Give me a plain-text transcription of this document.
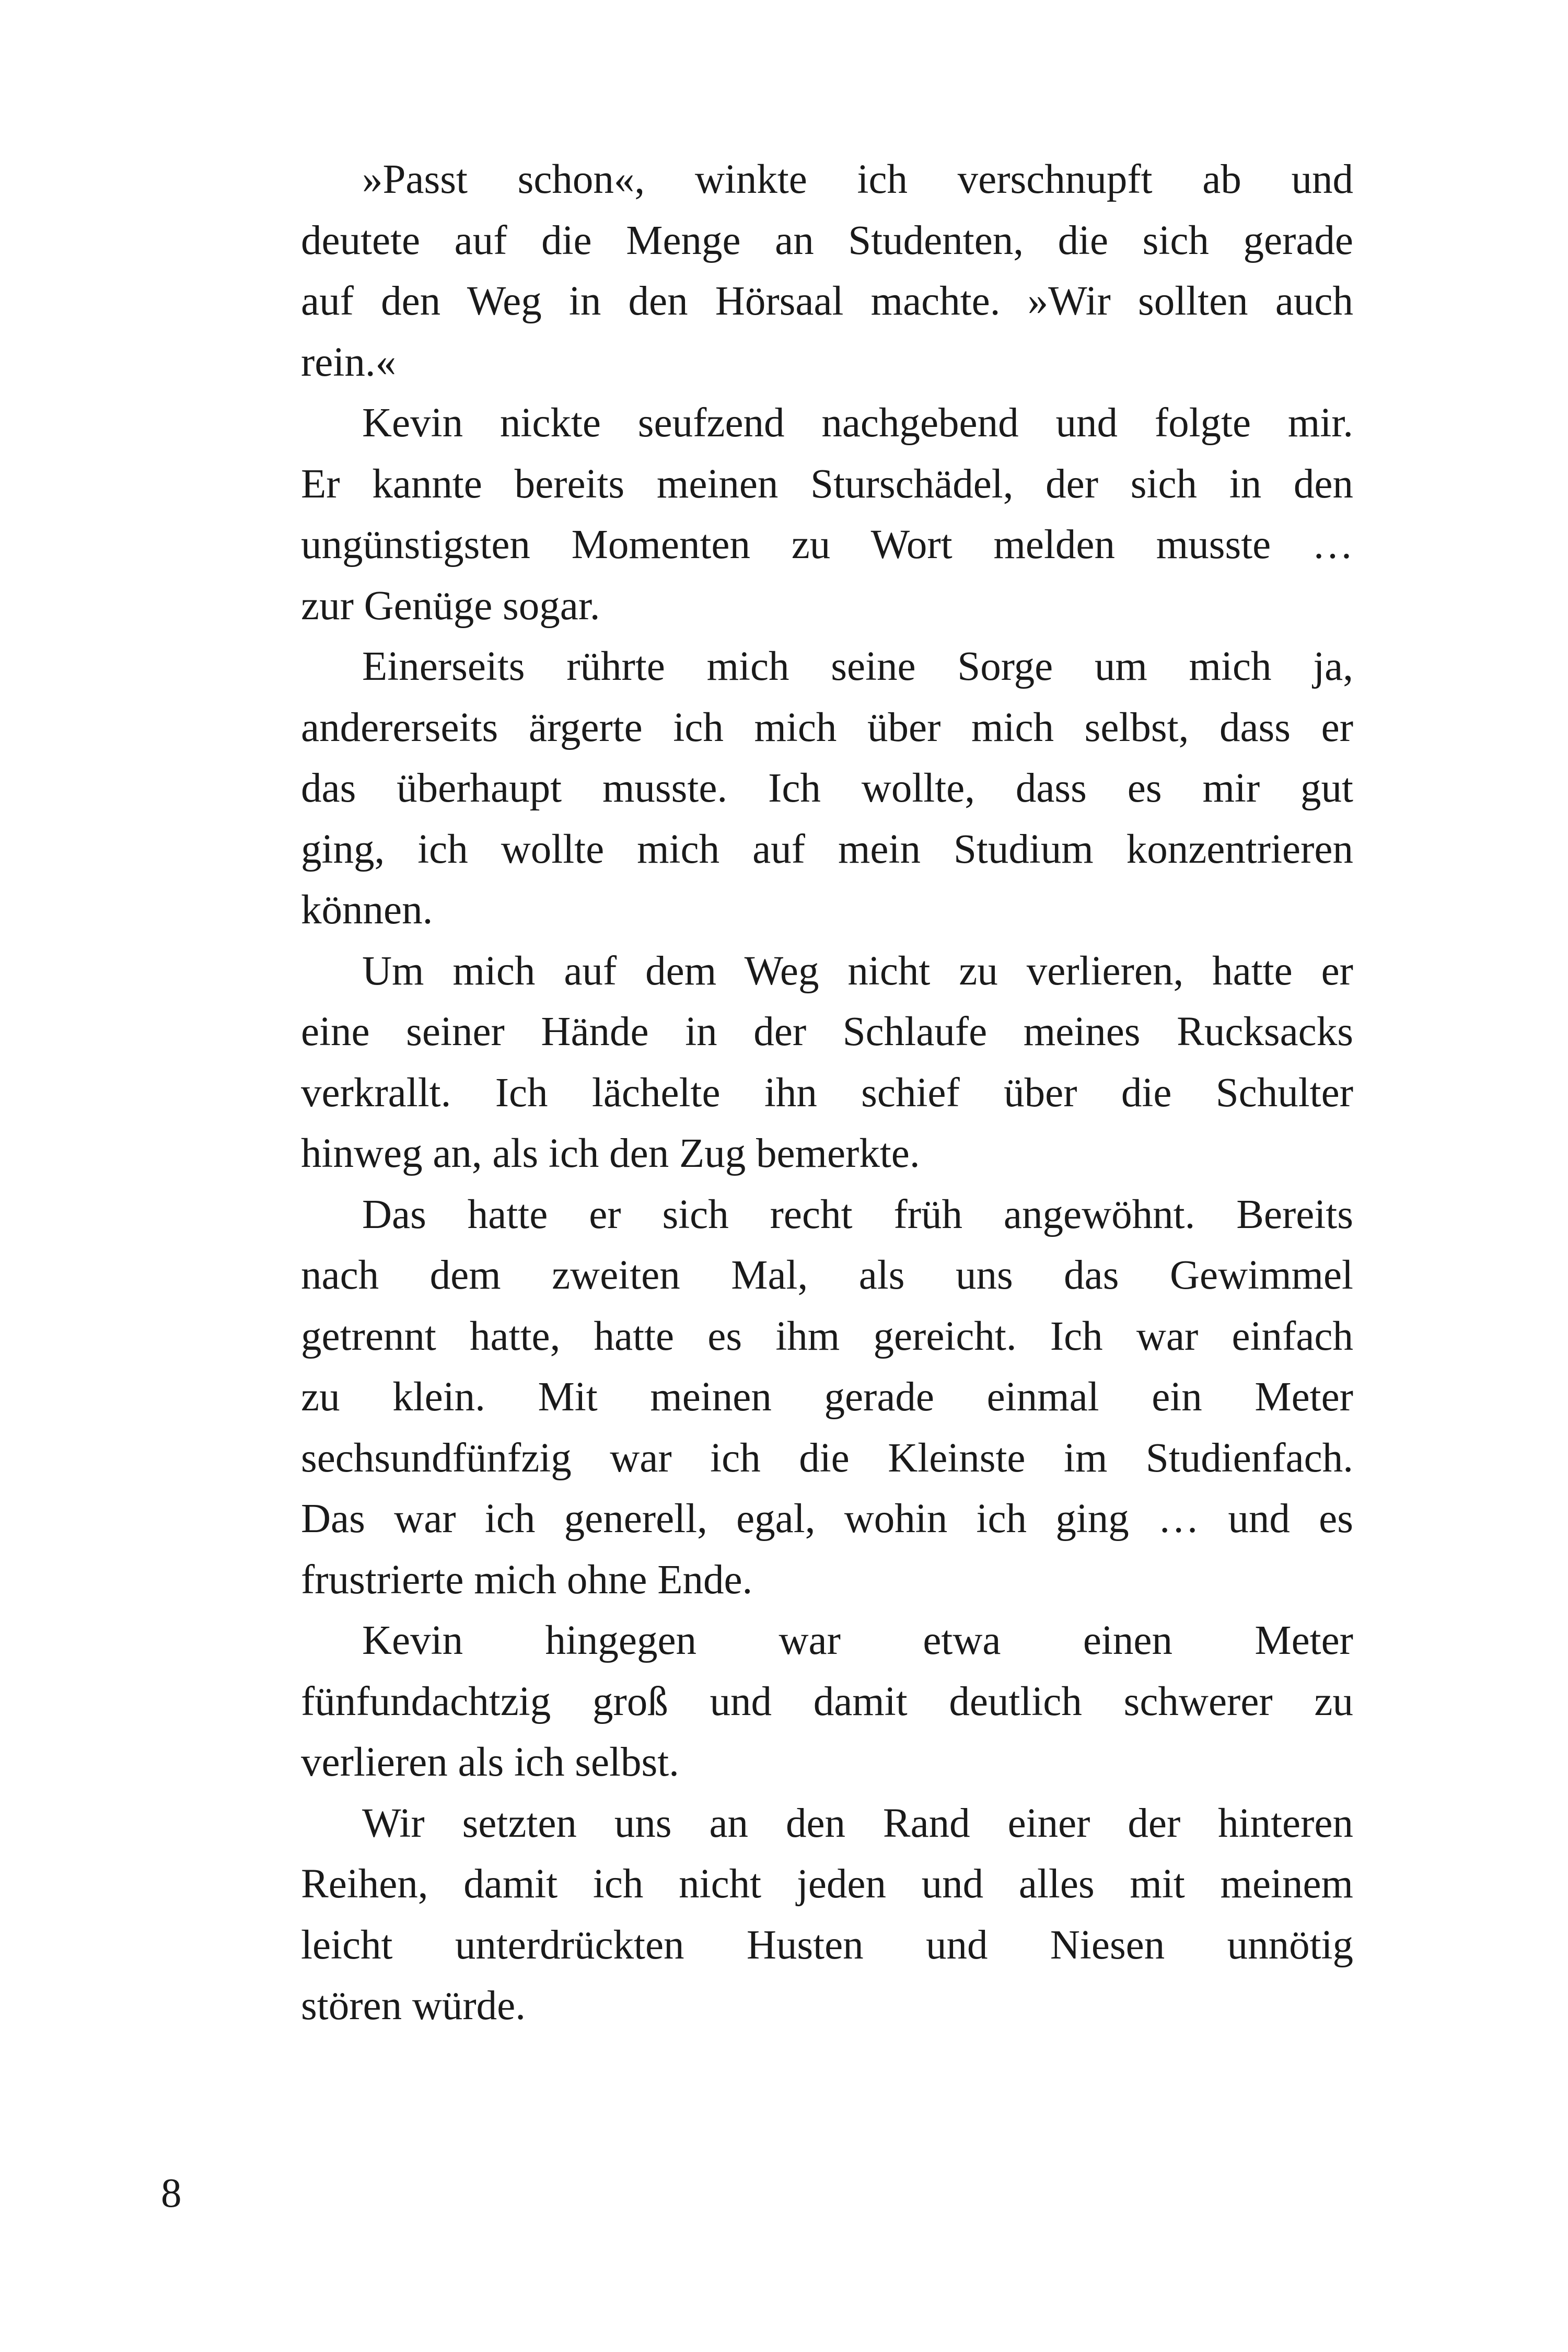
»Passt schon«, winkte ich verschnupft ab und
deutete auf die Menge an Studenten, die sich gerade
auf den Weg in den Hörsaal machte. »Wir sollten auch
rein.«
Kevin nickte seufzend nachgebend und folgte mir.
Er kannte bereits meinen Sturschädel, der sich in den
ungünstigsten Momenten zu Wort melden musste …
zur Genüge sogar.
Einerseits rührte mich seine Sorge um mich ja,
andererseits ärgerte ich mich über mich selbst, dass er
das überhaupt musste. Ich wollte, dass es mir gut
ging, ich wollte mich auf mein Studium konzentrieren
können.
Um mich auf dem Weg nicht zu verlieren, hatte er
eine seiner Hände in der Schlaufe meines Rucksacks
verkrallt. Ich lächelte ihn schief über die Schulter
hinweg an, als ich den Zug bemerkte.
Das hatte er sich recht früh angewöhnt. Bereits
nach dem zweiten Mal, als uns das Gewimmel
getrennt hatte, hatte es ihm gereicht. Ich war einfach
zu klein. Mit meinen gerade einmal ein Meter
sechsundfünfzig war ich die Kleinste im Studienfach.
Das war ich generell, egal, wohin ich ging … und es
frustrierte mich ohne Ende.
Kevin hingegen war etwa einen Meter
fünfundachtzig groß und damit deutlich schwerer zu
verlieren als ich selbst.
Wir setzten uns an den Rand einer der hinteren
Reihen, damit ich nicht jeden und alles mit meinem
leicht unterdrückten Husten und Niesen unnötig
stören würde.
8
